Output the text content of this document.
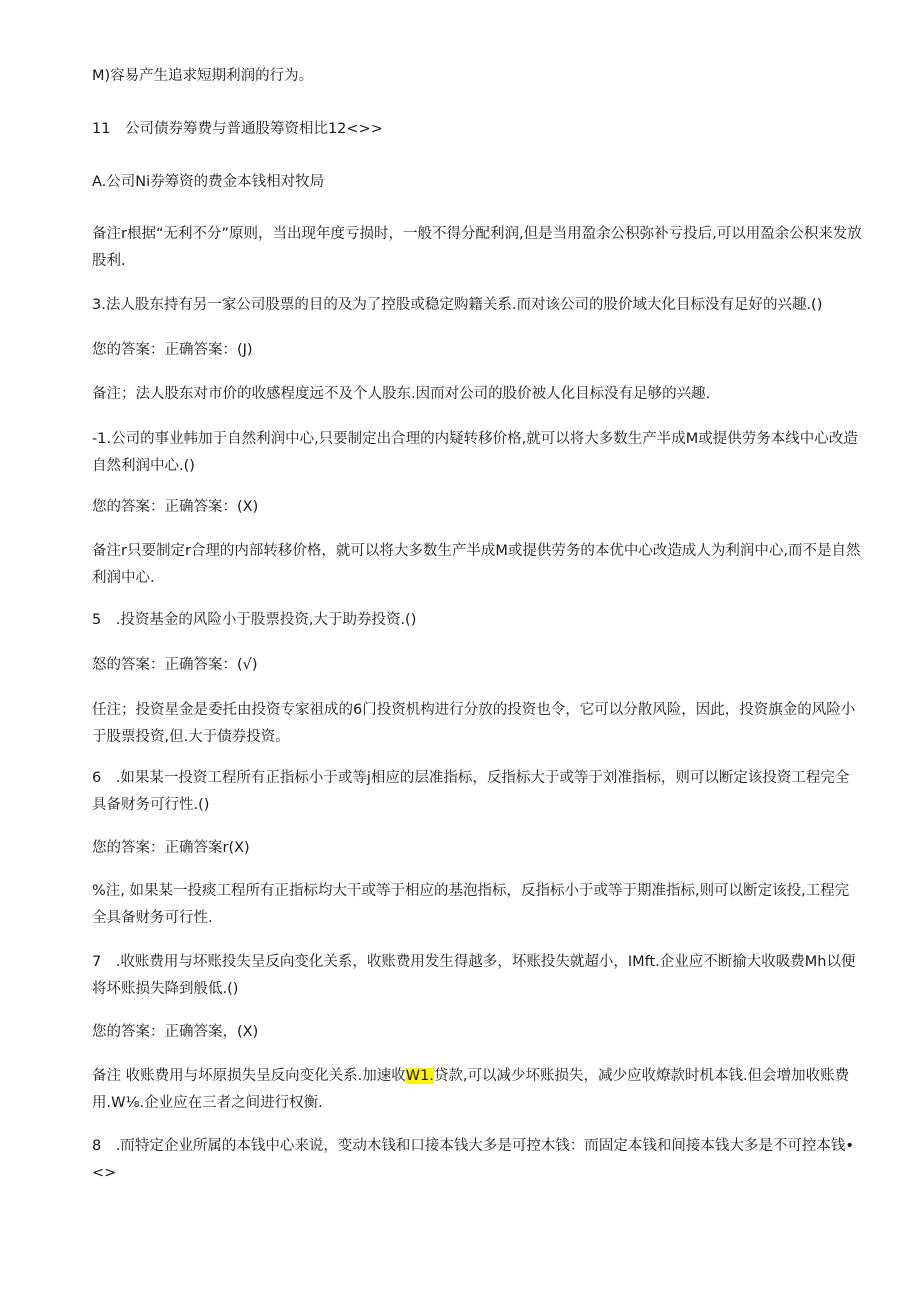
M)容易产生追求短期利润的行为。
11　公司债券筹费与普通股筹资相比12<>>
A.公司Ni券筹资的费金本钱相对牧局
备注r根据“无利不分”原则，当出现年度亏损时，一般不得分配利润,但是当用盈余公积弥补亏投后,可以用盈余公积来发放股利.
3.法人股东持有另一家公司股票的目的及为了控股或稳定购籍关系.而对该公司的股价域大化目标没有足好的兴趣.()
您的答案：正确答案：(J)
备注；法人股东对市价的收感程度远不及个人股东.因而对公司的股价被人化目标没有足够的兴趣.
-1.公司的事业帏加于自然利润中心,只要制定出合理的内疑转移价格,就可以将大多数生产半成M或提供劳务本线中心改造自然利润中心.()
您的答案：正确答案：(X)
备注r只要制定r合理的内部转移价格，就可以将大多数生产半成M或提供劳务的本优中心改造成人为利润中心,而不是自然利润中心.
5　.投资基金的风险小于股票投资,大于助券投资.()
怒的答案：正确答案：(√)
任注；投资星金是委托由投资专家祖成的6门投资机构进行分放的投资也令，它可以分散风险，因此，投资旗金的风险小于股票投资,但.大于债券投资。
6　.如果某一投资工程所有正指标小于或等j相应的层准指标，反指标大于或等于刘准指标，则可以断定该投资工程完全具备财务可行性.()
您的答案：正确答案r(X)
%注, 如果某一投痰工程所有正指标均大干或等于相应的基泡指标，反指标小于或等于期准指标,则可以断定该投,工程完全具备财务可行性.
7　.收账费用与坏账投失呈反向变化关系，收账费用发生得越多，坏账投失就超小，IMft.企业应不断揄大收吸费Mh以便将坏账损失降到般低.()
您的答案：正确答案，(X)
备注 收账费用与坏原损失呈反向变化关系.加速收W1.贷款,可以减少坏账损失，减少应收燎款时机本钱.但会增加收账费用.W⅛.企业应在三者之间进行权衡.
8　.而特定企业所属的本钱中心来说，变动木钱和口接本钱大多是可控木钱：而固定本钱和间接本钱大多是不可控本钱•<>
